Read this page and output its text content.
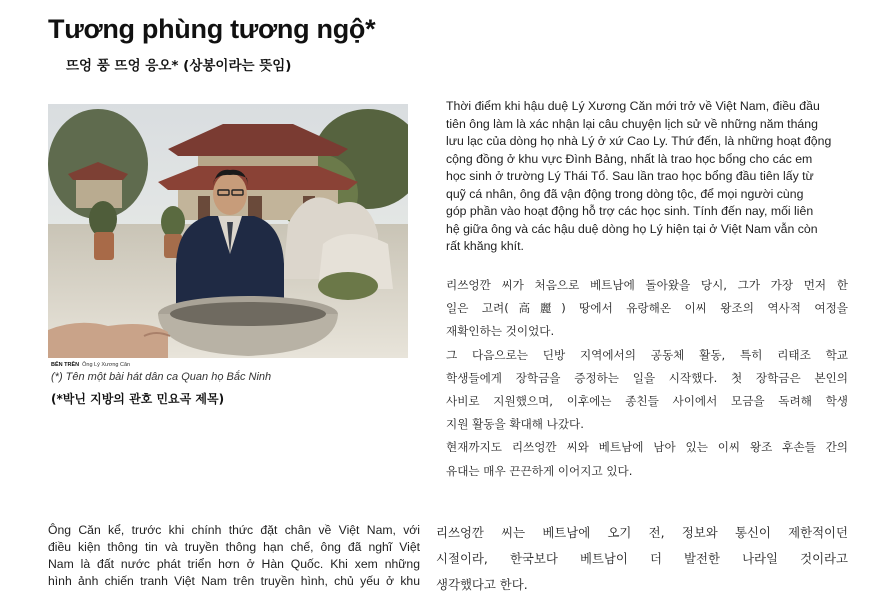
Tương phùng tương ngộ*
뜨엉 풍 뜨엉 응오* (상봉이라는 뜻임)
BÊN TRÊN Ông Lý Xương Căn

(*) Tên một bài hát dân ca Quan họ Bắc Ninh

(*박닌 지방의 관호 민요곡 제목)

Thời điểm khi hậu duệ Lý Xương Căn mới trở về Việt Nam, điều đầu
tiên ông làm là xác nhận lại câu chuyện lịch sử về những năm tháng
lưu lạc của dòng họ nhà Lý ở xứ Cao Ly. Thứ đến, là những hoạt động
cộng đồng ở khu vực Đình Bảng, nhất là trao học bổng cho các em
học sinh ở trường Lý Thái Tổ. Sau lần trao học bổng đầu tiên lấy từ
quỹ cá nhân, ông đã vận động trong dòng tộc, để mọi người cùng
góp phần vào hoạt động hỗ trợ các học sinh. Tính đến nay, mối liên
hệ giữa ông và các hậu duệ dòng họ Lý hiện tại ở Việt Nam vẫn còn
rất khăng khít.

리쓰엉깐 씨가 처음으로 베트남에 돌아왔을 당시, 그가 가장 먼저 한
일은 고려(高麗) 땅에서 유랑해온 이씨 왕조의 역사적 여정을
재확인하는 것이었다.
그 다음으로는 딘방 지역에서의 공동체 활동, 특히 리태조 학교
학생들에게 장학금을 증정하는 일을 시작했다. 첫 장학금은 본인의
사비로 지원했으며, 이후에는 종친들 사이에서 모금을 독려해 학생
지원 활동을 확대해 나갔다.
현재까지도 리쓰엉깐 씨와 베트남에 남아 있는 이씨 왕조 후손들 간의
유대는 매우 끈끈하게 이어지고 있다.

Ông Căn kể, trước khi chính thức đặt chân về Việt Nam, với
điều kiện thông tin và truyền thông hạn chế, ông đã nghĩ Việt
Nam là đất nước phát triển hơn ở Hàn Quốc. Khi xem những
hình ảnh chiến tranh Việt Nam trên truyền hình, chủ yếu ở khu

리쓰엉깐 씨는 베트남에 오기 전, 정보와 통신이 제한적이던
시절이라, 한국보다 베트남이 더 발전한 나라일 것이라고
생각했다고 한다.
